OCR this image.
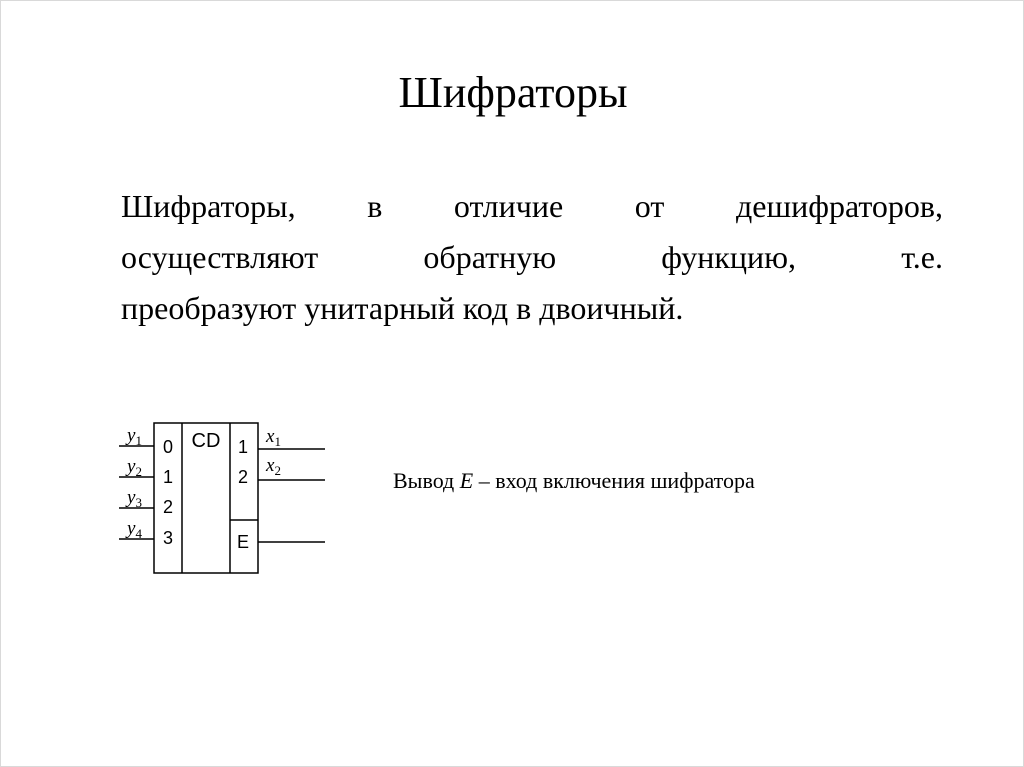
Шифраторы

Шифраторы, в отличие от дешифраторов,
осуществляют обратную функцию, т.е.
преобразуют унитарный код в двоичный.

CD
$y_1$
$y_2$
$y_3$
$y_4$
0
1
2
3
1
2
E
$x_1$
$x_2$	Вывод E – вход включения шифратора
